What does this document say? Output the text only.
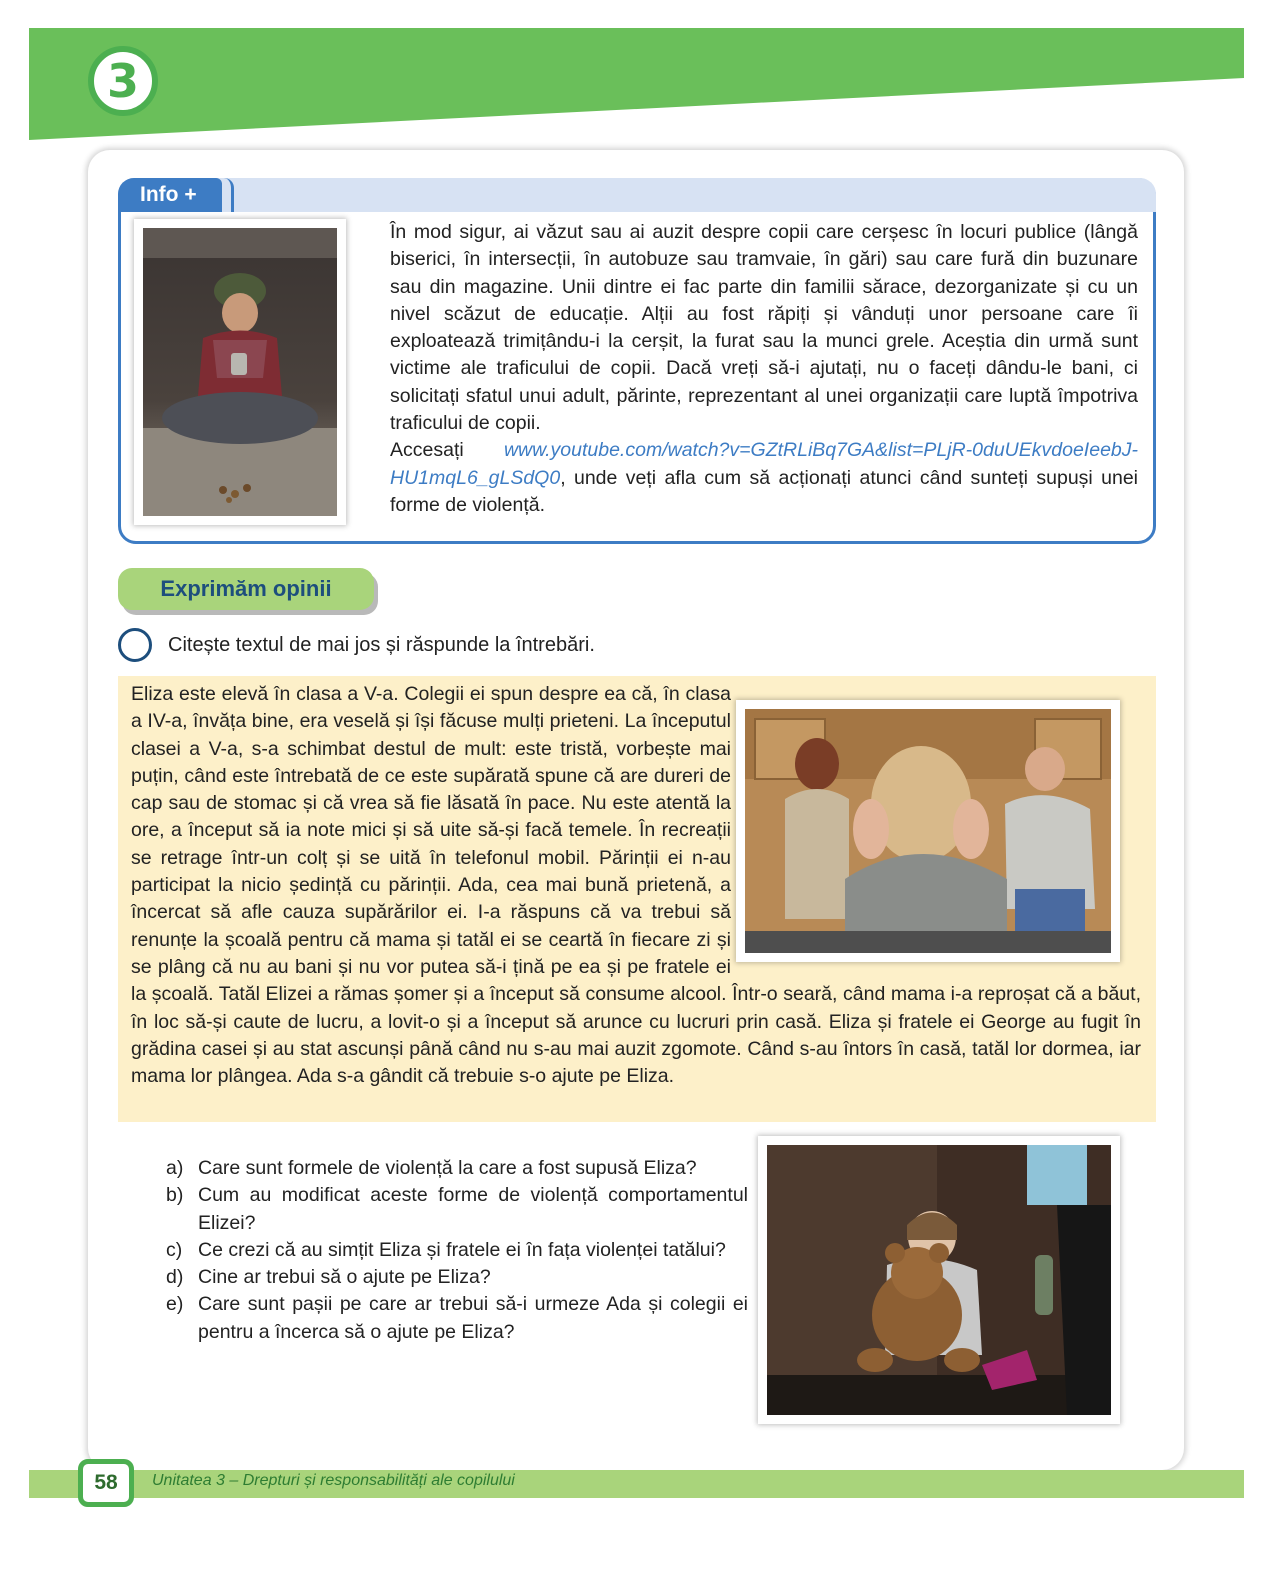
3
Info +
În mod sigur, ai văzut sau ai auzit despre copii care cerșesc în locuri publice (lângă biserici, în intersecții, în autobuze sau tramvaie, în gări) sau care fură din buzunare sau din magazine. Unii dintre ei fac parte din familii sărace, dezorganizate și cu un nivel scăzut de educație. Alții au fost răpiți și vânduți unor persoane care îi exploatează trimițându-i la cerșit, la furat sau la munci grele. Aceștia din urmă sunt victime ale traficului de copii. Dacă vreți să-i ajutați, nu o faceți dându-le bani, ci solicitați sfatul unui adult, părinte, reprezentant al unei organizații care luptă împotriva traficului de copii.
Accesați www.youtube.com/watch?v=GZtRLiBq7GA&list=PLjR-0duUEkvdoeIeebJ-HU1mqL6_gLSdQ0, unde veți afla cum să acționați atunci când sunteți supuși unei forme de violență.
Exprimăm opinii
Citește textul de mai jos și răspunde la întrebări.
Eliza este elevă în clasa a V-a. Colegii ei spun despre ea că, în clasa a IV-a, învăța bine, era veselă și își făcuse mulți prieteni. La începutul clasei a V-a, s-a schimbat destul de mult: este tristă, vorbește mai puțin, când este întrebată de ce este supărată spune că are dureri de cap sau de stomac și că vrea să fie lăsată în pace. Nu este atentă la ore, a început să ia note mici și să uite să-și facă temele. În recreații se retrage într-un colț și se uită în telefonul mobil. Părinții ei n-au participat la nicio ședință cu părinții. Ada, cea mai bună prietenă, a încercat să afle cauza supărărilor ei. I-a răspuns că va trebui să renunțe la școală pentru că mama și tatăl ei se ceartă în fiecare zi și se plâng că nu au bani și nu vor putea să-i țină pe ea și pe fratele ei la școală. Tatăl Elizei a rămas șomer și a început să consume alcool. Într-o seară, când mama i-a reproșat că a băut, în loc să-și caute de lucru, a lovit-o și a început să arunce cu lucruri prin casă. Eliza și fratele ei George au fugit în grădina casei și au stat ascunși până când nu s-au mai auzit zgomote. Când s-au întors în casă, tatăl lor dormea, iar mama lor plângea. Ada s-a gândit că trebuie s-o ajute pe Eliza.
a) Care sunt formele de violență la care a fost supusă Eliza?
b) Cum au modificat aceste forme de violență comportamentul Elizei?
c) Ce crezi că au simțit Eliza și fratele ei în fața violenței tatălui?
d) Cine ar trebui să o ajute pe Eliza?
e) Care sunt pașii pe care ar trebui să-i urmeze Ada și colegii ei pentru a încerca să o ajute pe Eliza?
58 Unitatea 3 – Drepturi și responsabilități ale copilului
